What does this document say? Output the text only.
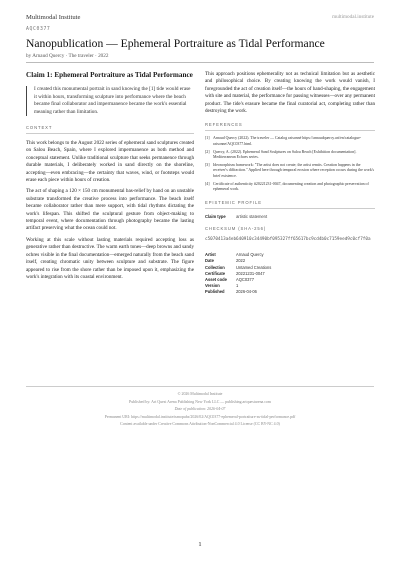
Multimodal Institute	multimodal.institute
AQC0377
Nanopublication — Ephemeral Portraiture as Tidal Performance
by Arnaud Quercy · The traveler · 2022
Claim 1: Ephemeral Portraiture as Tidal Performance
I created this monumental portrait in sand knowing the [1] tide would erase it within hours, transforming sculpture into performance where the beach became final collaborator and impermanence became the work's essential meaning rather than limitation.
CONTEXT

This work belongs to the August 2022 series of ephemeral sand sculptures created on Salou Beach, Spain, where I explored impermanence as both method and conceptual statement. Unlike traditional sculpture that seeks permanence through durable materials, I deliberately worked in sand directly on the shoreline, accepting—even embracing—the certainty that waves, wind, or footsteps would erase each piece within hours of creation.

The act of shaping a 120 × 150 cm monumental bas-relief by hand on an unstable substrate transformed the creative process into performance. The beach itself became collaborator rather than mere support, with tidal rhythms dictating the work's lifespan. This shifted the sculptural gesture from object-making to temporal event, where documentation through photography became the lasting artifact preserving what the ocean could not.

Working at this scale without lasting materials required accepting loss as generative rather than destructive. The warm earth tones—deep browns and sandy ochres visible in the final documentation—emerged naturally from the beach sand itself, creating chromatic unity between sculpture and substrate. The figure appeared to rise from the shore rather than be imposed upon it, emphasizing the work's integration with its coastal environment.

This approach positions ephemerality not as technical limitation but as aesthetic and philosophical choice. By creating knowing the work would vanish, I foregrounded the act of creation itself—the hours of hand-shaping, the engagement with site and material, the performance for passing witnesses—over any permanent product. The tide's erasure became the final curatorial act, completing rather than destroying the work.

REFERENCES
[1] Arnaud Quercy (2022). The traveler — Catalog raisonné https://arnaudquercy.art/en/catalogue-raisonne/AQC0377.html.
[2] Quercy, A. (2022). Ephemeral Sand Sculptures on Salou Beach [Exhibition documentation]. Mediterranean Echoes series.
[3] Ideonorphism framework: "The artist does not create; the artist remits. Creation happens in the receiver's diffraction." Applied here through temporal erosion where reception occurs during the work's brief existence.
[4] Certificate of authenticity #20221231-0047, documenting creation and photographic preservation of ephemeral work.
EPISTEMIC PROFILE
Claim type	artistic statement
CHECKSUM (SHA-256)
c5070413a4eb640910c34490bf095327ff65617bc9cd4b0c7159eed9c0cf7f0a
Artist	Arnaud Quercy
Date	2022
Collection	Untamed Creations
Certificate	20221231-0047
Asset code	AQC0377
Version	1
Published	2026-04-06
© 2026 Multimodal Institute
Published by: Art Quest Arena Publishing New York LLC — publishing.artquestarena.com
Date of publication: 2026-04-07
Permanent URI: https://multimodal.institute/nanopubs/2026/02/AQC0377-ephemeral-portraiture-as-tidal-performance.pdf
Content available under Creative Commons Attribution-NonCommercial 4.0 License (CC BY-NC 4.0)
1
